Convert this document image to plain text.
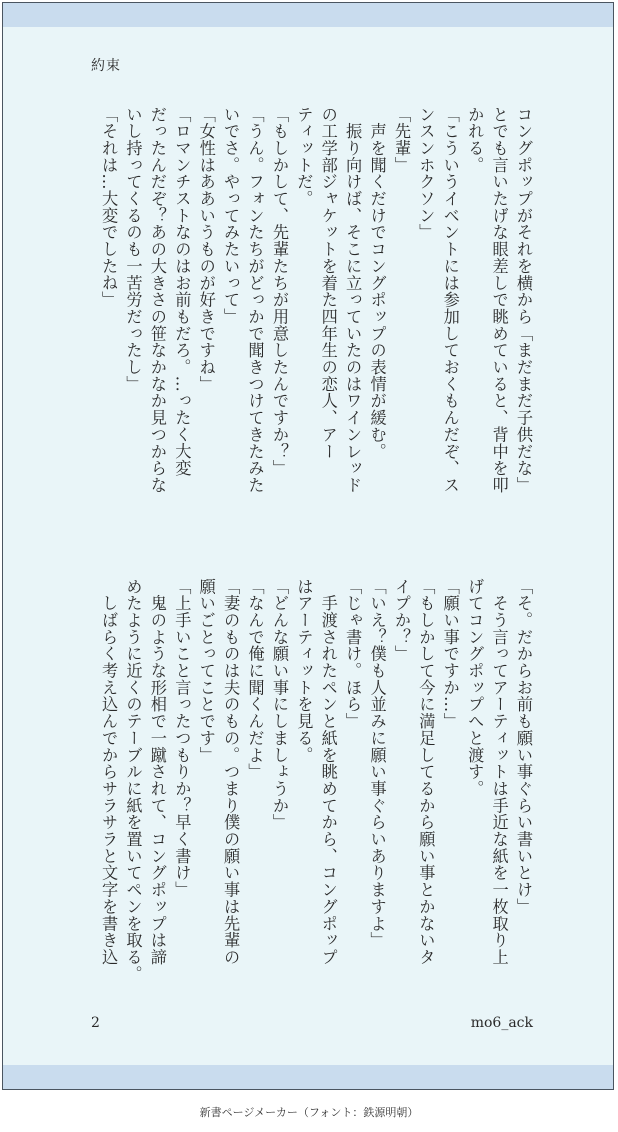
約束
コングポップがそれを横から「まだまだ子供だな」
とでも言いたげな眼差しで眺めていると、背中を叩
かれる。
「こういうイベントには参加しておくもんだぞ、ス
ンスンホクソン」
「先輩」
　声を聞くだけでコングポップの表情が緩む。
　振り向けば、そこに立っていたのはワインレッド
の工学部ジャケットを着た四年生の恋人、アー
ティットだ。
「もしかして、先輩たちが用意したんですか？」
「うん。フォンたちがどっかで聞きつけてきたみた
いでさ。やってみたいって」
「女性はああいうものが好きですね」
「ロマンチストなのはお前もだろ。…ったく大変
だったんだぞ？あの大きさの笹なかなか見つからな
いし持ってくるのも一苦労だったし」
「それは…大変でしたね」
「そ。だからお前も願い事ぐらい書いとけ」
　そう言ってアーティットは手近な紙を一枚取り上
げてコングポップへと渡す。
「願い事ですか…」
「もしかして今に満足してるから願い事とかないタ
イプか？」
「いえ？僕も人並みに願い事ぐらいありますよ」
「じゃ書け。ほら」
　手渡されたペンと紙を眺めてから、コングポップ
はアーティットを見る。
「どんな願い事にしましょうか」
「なんで俺に聞くんだよ」
「妻のものは夫のもの。つまり僕の願い事は先輩の
願いごとってことです」
「上手いこと言ったつもりか？早く書け」
　鬼のような形相で一蹴されて、コングポップは諦
めたように近くのテーブルに紙を置いてペンを取る。
　しばらく考え込んでからサラサラと文字を書き込
2	mo6_ack
新書ページメーカー（フォント：鉄源明朝）
